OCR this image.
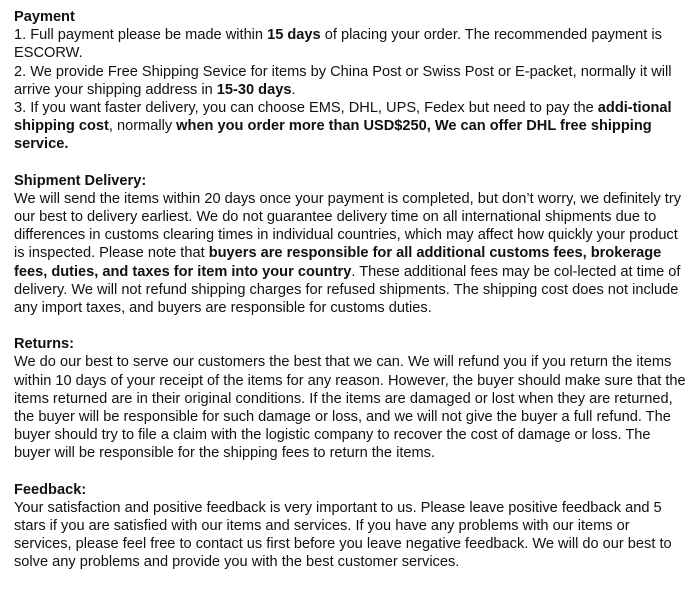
Payment
1. Full payment please be made within 15 days of placing your order. The recommended payment is ESCORW.
2. We provide Free Shipping Sevice for items by China Post or Swiss Post or E-packet, normally it will arrive your shipping address in 15-30 days.
3. If you want faster delivery, you can choose EMS, DHL, UPS, Fedex but need to pay the addi-tional shipping cost, normally when you order more than USD$250, We can offer DHL free shipping service.
Shipment Delivery:
We will send the items within 20 days once your payment is completed, but don’t worry, we definitely try our best to delivery earliest. We do not guarantee delivery time on all international shipments due to differences in customs clearing times in individual countries, which may affect how quickly your product is inspected. Please note that buyers are responsible for all additional customs fees, brokerage fees, duties, and taxes for item into your country. These additional fees may be col-lected at time of delivery. We will not refund shipping charges for refused shipments. The shipping cost does not include any import taxes, and buyers are responsible for customs duties.
Returns:
We do our best to serve our customers the best that we can. We will refund you if you return the items within 10 days of your receipt of the items for any reason. However, the buyer should make sure that the items returned are in their original conditions. If the items are damaged or lost when they are returned, the buyer will be responsible for such damage or loss, and we will not give the buyer a full refund. The buyer should try to file a claim with the logistic company to recover the cost of damage or loss. The buyer will be responsible for the shipping fees to return the items.
Feedback:
Your satisfaction and positive feedback is very important to us. Please leave positive feedback and 5 stars if you are satisfied with our items and services. If you have any problems with our items or services, please feel free to contact us first before you leave negative feedback. We will do our best to solve any problems and provide you with the best customer services.
